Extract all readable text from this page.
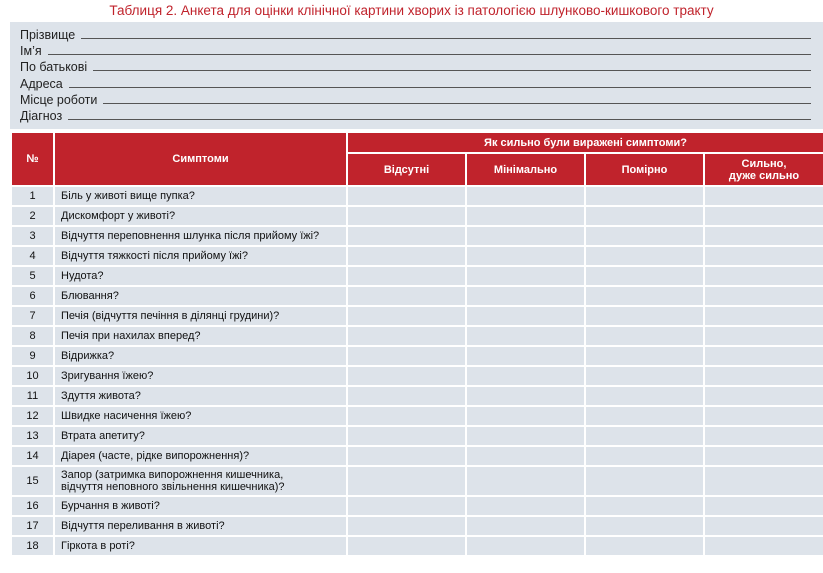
Таблиця 2. Анкета для оцінки клінічної картини хворих із патологією шлунково-кишкового тракту
Прізвище
Ім’я
По батькові
Адреса
Місце роботи
Діагноз
№	Симптоми	Як сильно були виражені симптоми?			
		Відсутні	Мінімально	Помірно	Сильно,
дуже сильно
1	Біль у животі вище пупка?				
2	Дискомфорт у животі?				
3	Відчуття переповнення шлунка після прийому їжі?				
4	Відчуття тяжкості після прийому їжі?				
5	Нудота?				
6	Блювання?				
7	Печія (відчуття печіння в ділянці грудини)?				
8	Печія при нахилах вперед?				
9	Відрижка?				
10	Зригування їжею?				
11	Здуття живота?				
12	Швидке насичення їжею?				
13	Втрата апетиту?				
14	Діарея (часте, рідке випорожнення)?				
15	Запор (затримка випорожнення кишечника,
відчуття неповного звільнення кишечника)?				
16	Бурчання в животі?				
17	Відчуття переливання в животі?				
18	Гіркота в роті?				
